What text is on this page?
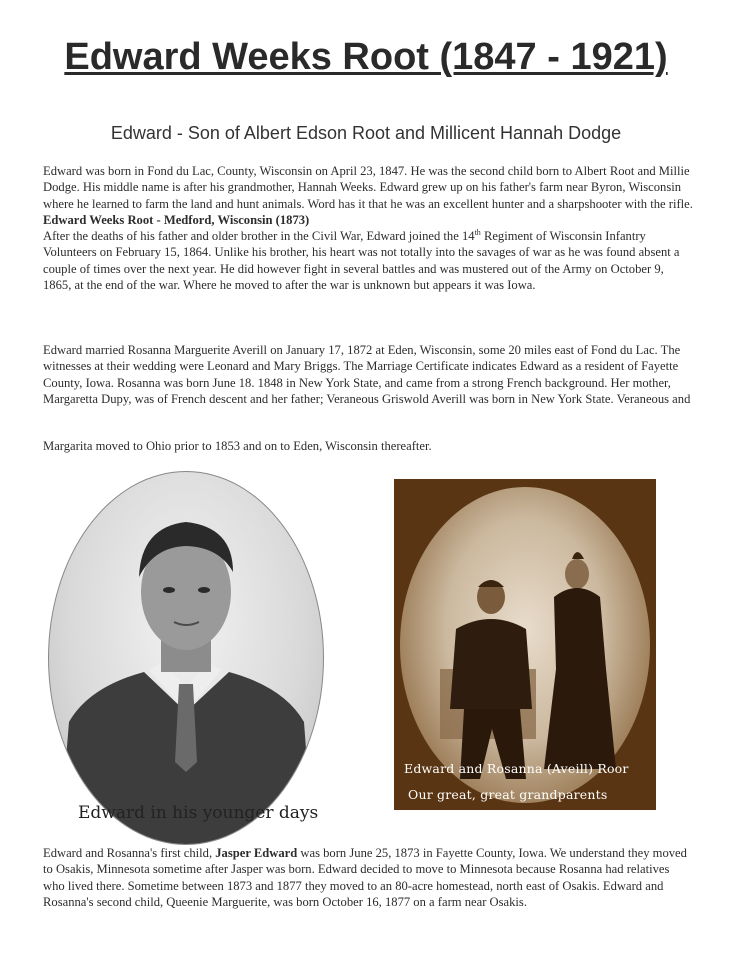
Edward Weeks Root (1847 - 1921)
Edward - Son of Albert Edson Root and Millicent Hannah Dodge
Edward was born in Fond du Lac, County, Wisconsin on April 23, 1847. He was the second child born to Albert Root and Millie Dodge. His middle name is after his grandmother, Hannah Weeks. Edward grew up on his father's farm near Byron, Wisconsin where he learned to farm the land and hunt animals. Word has it that he was an excellent hunter and a sharpshooter with the rifle.
Edward Weeks Root - Medford, Wisconsin (1873)
After the deaths of his father and older brother in the Civil War, Edward joined the 14th Regiment of Wisconsin Infantry Volunteers on February 15, 1864. Unlike his brother, his heart was not totally into the savages of war as he was found absent a couple of times over the next year. He did however fight in several battles and was mustered out of the Army on October 9, 1865, at the end of the war. Where he moved to after the war is unknown but appears it was Iowa.
Edward married Rosanna Marguerite Averill on January 17, 1872 at Eden, Wisconsin, some 20 miles east of Fond du Lac. The witnesses at their wedding were Leonard and Mary Briggs. The Marriage Certificate indicates Edward as a resident of Fayette County, Iowa. Rosanna was born June 18. 1848 in New York State, and came from a strong French background. Her mother, Margaretta Dupy, was of French descent and her father; Veraneous Griswold Averill was born in New York State. Veraneous and
Margarita moved to Ohio prior to 1853 and on to Eden, Wisconsin thereafter.
Edward in his younger days
Edward and Rosanna (Aveill) Roor
Our great, great grandparents
Edward and Rosanna's first child, Jasper Edward was born June 25, 1873 in Fayette County, Iowa. We understand they moved to Osakis, Minnesota sometime after Jasper was born. Edward decided to move to Minnesota because Rosanna had relatives who lived there. Sometime between 1873 and 1877 they moved to an 80-acre homestead, north east of Osakis. Edward and Rosanna's second child, Queenie Marguerite, was born October 16, 1877 on a farm near Osakis.
